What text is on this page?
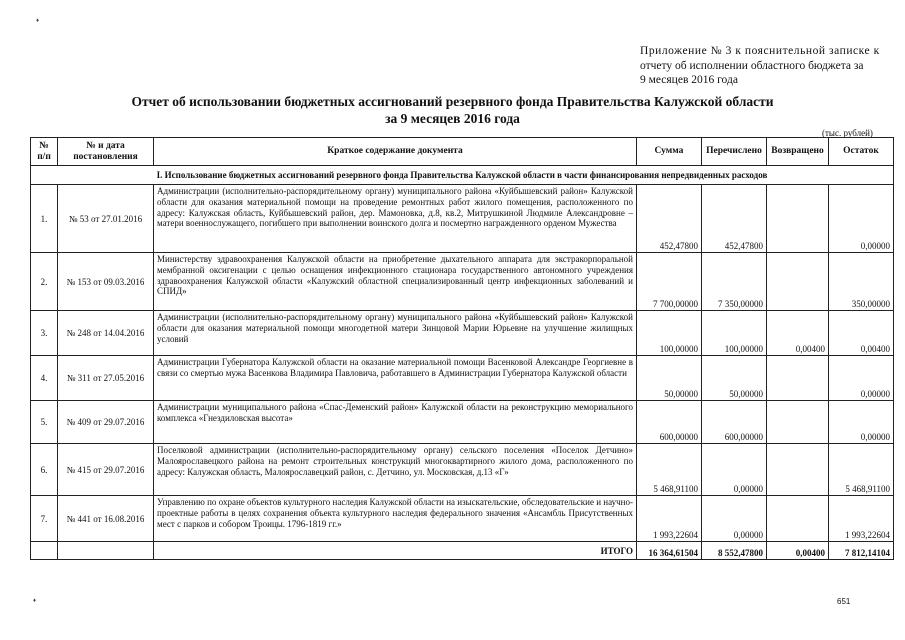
♦
♦
Приложение № 3 к пояснительной записке к
отчету об исполнении областного бюджета за
9 месяцев 2016 года
Отчет об использовании бюджетных ассигнований резервного фонда Правительства Калужской области
за 9 месяцев 2016 года
(тыс. рублей)
№ п/п	№ и дата постановления	Краткое содержание документа	Сумма	Перечислено	Возвращено	Остаток
I. Использование бюджетных ассигнований резервного фонда Правительства Калужской области в части финансирования непредвиденных расходов						
1.	№ 53 от 27.01.2016	Администрации (исполнительно-распорядительному органу) муниципального района «Куйбышевский район» Калужской области для оказания материальной помощи на проведение ремонтных работ жилого помещения, расположенного по адресу: Калужская область, Куйбышевский район, дер. Мамоновка, д.8, кв.2, Митрушкиной Людмиле Александровне – матери военнослужащего, погибшего при выполнении воинского долга и посмертно награжденного орденом Мужества	452,47800	452,47800		0,00000
2.	№ 153 от 09.03.2016	Министерству здравоохранения Калужской области на приобретение дыхательного аппарата для экстракорпоральной мембранной оксигенации с целью оснащения инфекционного стационара государственного автономного учреждения здравоохранения Калужской области «Калужский областной специализированный центр инфекционных заболеваний и СПИД»	7 700,00000	7 350,00000		350,00000
3.	№ 248 от 14.04.2016	Администрации (исполнительно-распорядительному органу) муниципального района «Куйбышевский район» Калужской области для оказания материальной помощи многодетной матери Зинцовой Марии Юрьевне на улучшение жилищных условий	100,00000	100,00000	0,00400	0,00400
4.	№ 311 от 27.05.2016	Администрации Губернатора Калужской области на оказание материальной помощи Васенковой Александре Георгиевне в связи со смертью мужа Васенкова Владимира Павловича, работавшего в Администрации Губернатора Калужской области	50,00000	50,00000		0,00000
5.	№ 409 от 29.07.2016	Администрации муниципального района «Спас-Деменский район» Калужской области на реконструкцию мемориального комплекса «Гнездиловская высота»	600,00000	600,00000		0,00000
6.	№ 415 от 29.07.2016	Поселковой администрации (исполнительно-распорядительному органу) сельского поселения «Поселок Детчино» Малоярославецкого района на ремонт строительных конструкций многоквартирного жилого дома, расположенного по адресу: Калужская область, Малоярославецкий район, с. Детчино, ул. Московская, д.13 «Г»	5 468,91100	0,00000		5 468,91100
7.	№ 441 от 16.08.2016	Управлению по охране объектов культурного наследия Калужской области на изыскательские, обследовательские и научно-проектные работы в целях сохранения объекта культурного наследия федерального значения «Ансамбль Присутственных мест с парков и собором Троицы. 1796-1819 гг.»	1 993,22604	0,00000		1 993,22604
		ИТОГО	16 364,61504	8 552,47800	0,00400	7 812,14104
651
